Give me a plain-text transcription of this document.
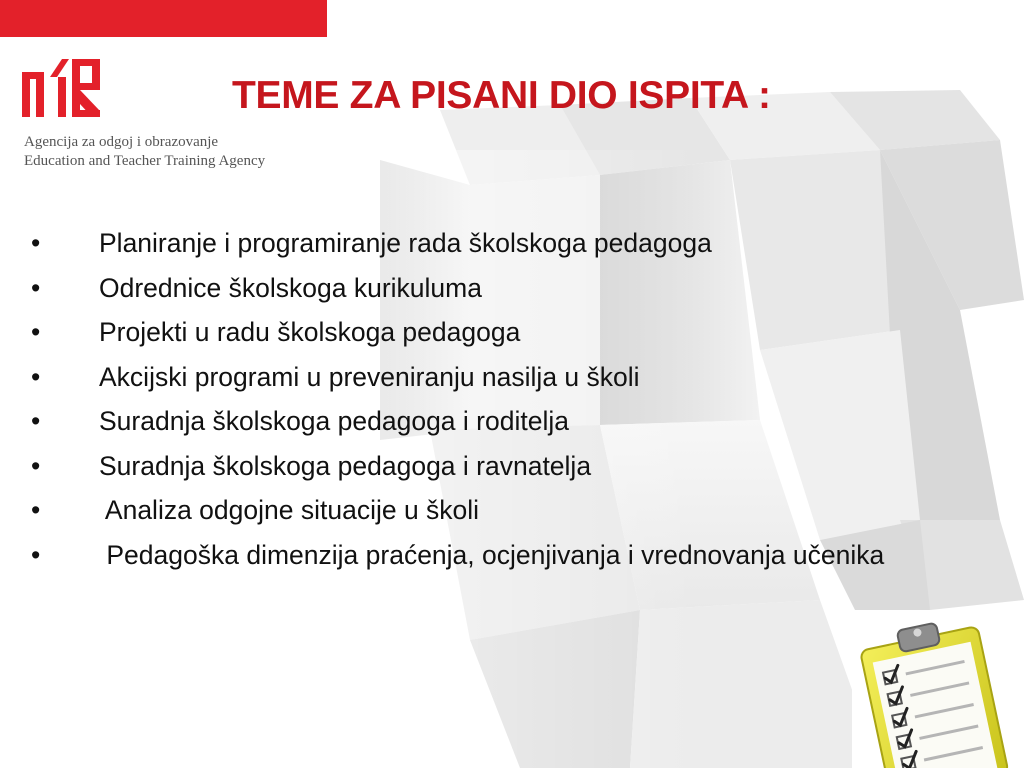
Agencija za odgoj i obrazovanje
Education and Teacher Training Agency
TEME ZA PISANI DIO ISPITA :
•	Planiranje i programiranje rada školskoga pedagoga
•	Odrednice školskoga kurikuluma
•	Projekti u radu školskoga pedagoga
•	Akcijski programi u preveniranju nasilja u školi
•	Suradnja školskoga pedagoga i roditelja
•	Suradnja školskoga pedagoga i ravnatelja
•	Analiza odgojne situacije u školi
•	Pedagoška dimenzija praćenja, ocjenjivanja i vrednovanja učenika
